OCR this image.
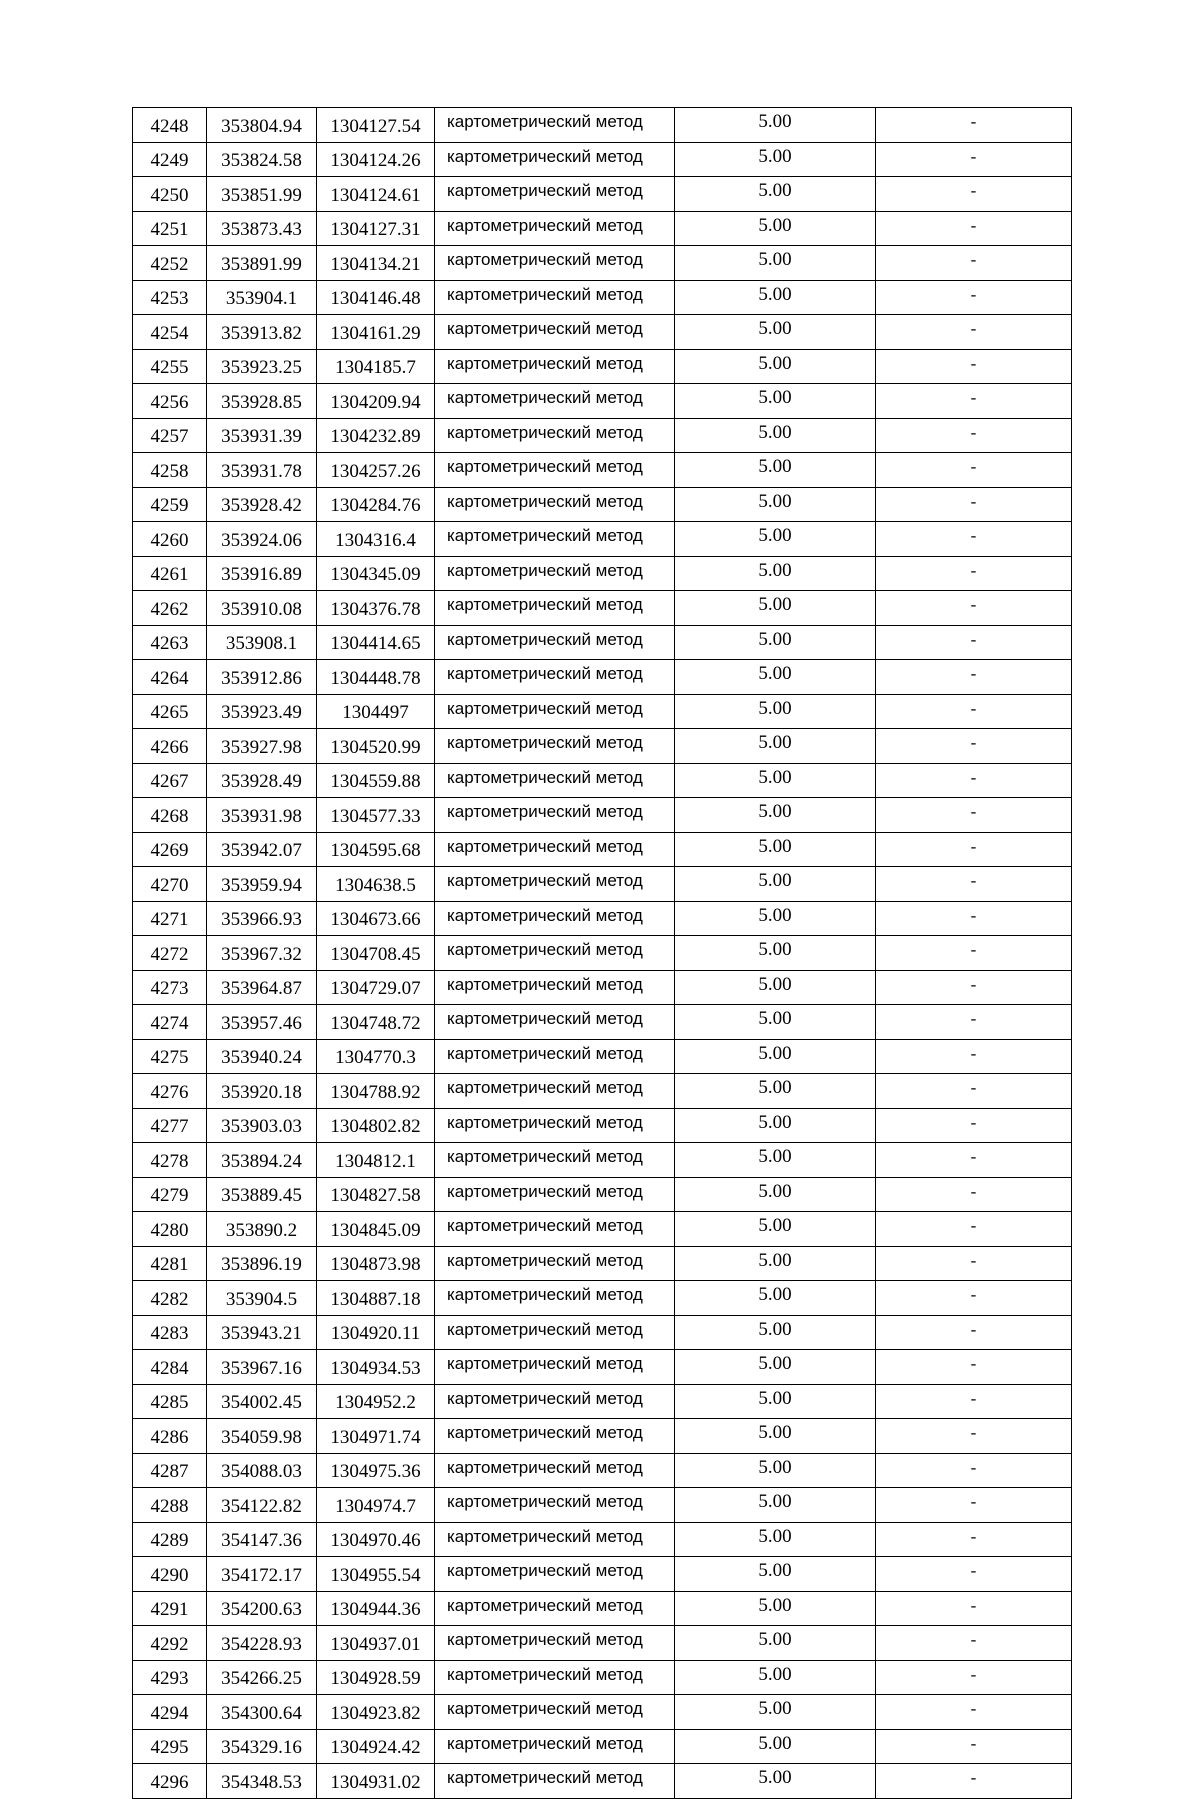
4248	353804.94	1304127.54	картометрический метод	5.00	-
4249	353824.58	1304124.26	картометрический метод	5.00	-
4250	353851.99	1304124.61	картометрический метод	5.00	-
4251	353873.43	1304127.31	картометрический метод	5.00	-
4252	353891.99	1304134.21	картометрический метод	5.00	-
4253	353904.1	1304146.48	картометрический метод	5.00	-
4254	353913.82	1304161.29	картометрический метод	5.00	-
4255	353923.25	1304185.7	картометрический метод	5.00	-
4256	353928.85	1304209.94	картометрический метод	5.00	-
4257	353931.39	1304232.89	картометрический метод	5.00	-
4258	353931.78	1304257.26	картометрический метод	5.00	-
4259	353928.42	1304284.76	картометрический метод	5.00	-
4260	353924.06	1304316.4	картометрический метод	5.00	-
4261	353916.89	1304345.09	картометрический метод	5.00	-
4262	353910.08	1304376.78	картометрический метод	5.00	-
4263	353908.1	1304414.65	картометрический метод	5.00	-
4264	353912.86	1304448.78	картометрический метод	5.00	-
4265	353923.49	1304497	картометрический метод	5.00	-
4266	353927.98	1304520.99	картометрический метод	5.00	-
4267	353928.49	1304559.88	картометрический метод	5.00	-
4268	353931.98	1304577.33	картометрический метод	5.00	-
4269	353942.07	1304595.68	картометрический метод	5.00	-
4270	353959.94	1304638.5	картометрический метод	5.00	-
4271	353966.93	1304673.66	картометрический метод	5.00	-
4272	353967.32	1304708.45	картометрический метод	5.00	-
4273	353964.87	1304729.07	картометрический метод	5.00	-
4274	353957.46	1304748.72	картометрический метод	5.00	-
4275	353940.24	1304770.3	картометрический метод	5.00	-
4276	353920.18	1304788.92	картометрический метод	5.00	-
4277	353903.03	1304802.82	картометрический метод	5.00	-
4278	353894.24	1304812.1	картометрический метод	5.00	-
4279	353889.45	1304827.58	картометрический метод	5.00	-
4280	353890.2	1304845.09	картометрический метод	5.00	-
4281	353896.19	1304873.98	картометрический метод	5.00	-
4282	353904.5	1304887.18	картометрический метод	5.00	-
4283	353943.21	1304920.11	картометрический метод	5.00	-
4284	353967.16	1304934.53	картометрический метод	5.00	-
4285	354002.45	1304952.2	картометрический метод	5.00	-
4286	354059.98	1304971.74	картометрический метод	5.00	-
4287	354088.03	1304975.36	картометрический метод	5.00	-
4288	354122.82	1304974.7	картометрический метод	5.00	-
4289	354147.36	1304970.46	картометрический метод	5.00	-
4290	354172.17	1304955.54	картометрический метод	5.00	-
4291	354200.63	1304944.36	картометрический метод	5.00	-
4292	354228.93	1304937.01	картометрический метод	5.00	-
4293	354266.25	1304928.59	картометрический метод	5.00	-
4294	354300.64	1304923.82	картометрический метод	5.00	-
4295	354329.16	1304924.42	картометрический метод	5.00	-
4296	354348.53	1304931.02	картометрический метод	5.00	-
